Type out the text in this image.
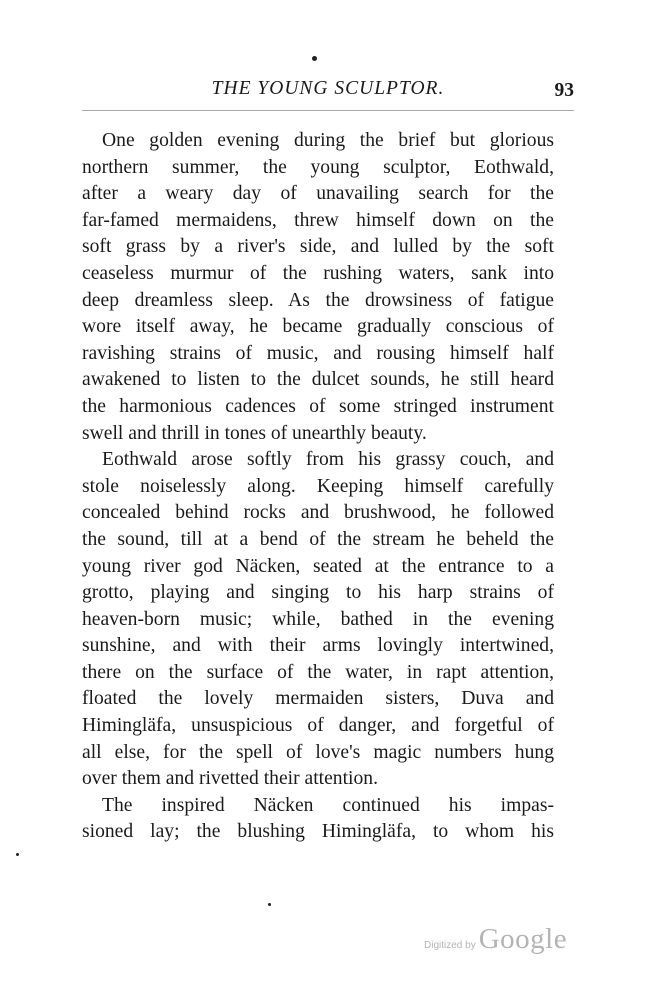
THE YOUNG SCULPTOR.	93
One golden evening during the brief but glorious
northern summer, the young sculptor, Eothwald,
after a weary day of unavailing search for the
far-famed mermaidens, threw himself down on the
soft grass by a river's side, and lulled by the soft
ceaseless murmur of the rushing waters, sank into
deep dreamless sleep. As the drowsiness of fatigue
wore itself away, he became gradually conscious of
ravishing strains of music, and rousing himself half
awakened to listen to the dulcet sounds, he still heard
the harmonious cadences of some stringed instrument
swell and thrill in tones of unearthly beauty.
Eothwald arose softly from his grassy couch, and
stole noiselessly along. Keeping himself carefully
concealed behind rocks and brushwood, he followed
the sound, till at a bend of the stream he beheld the
young river god Näcken, seated at the entrance to a
grotto, playing and singing to his harp strains of
heaven-born music; while, bathed in the evening
sunshine, and with their arms lovingly intertwined,
there on the surface of the water, in rapt attention,
floated the lovely mermaiden sisters, Duva and
Himingläfa, unsuspicious of danger, and forgetful of
all else, for the spell of love's magic numbers hung
over them and rivetted their attention.
The inspired Näcken continued his impas-
sioned lay; the blushing Himingläfa, to whom his
Digitized by Google
